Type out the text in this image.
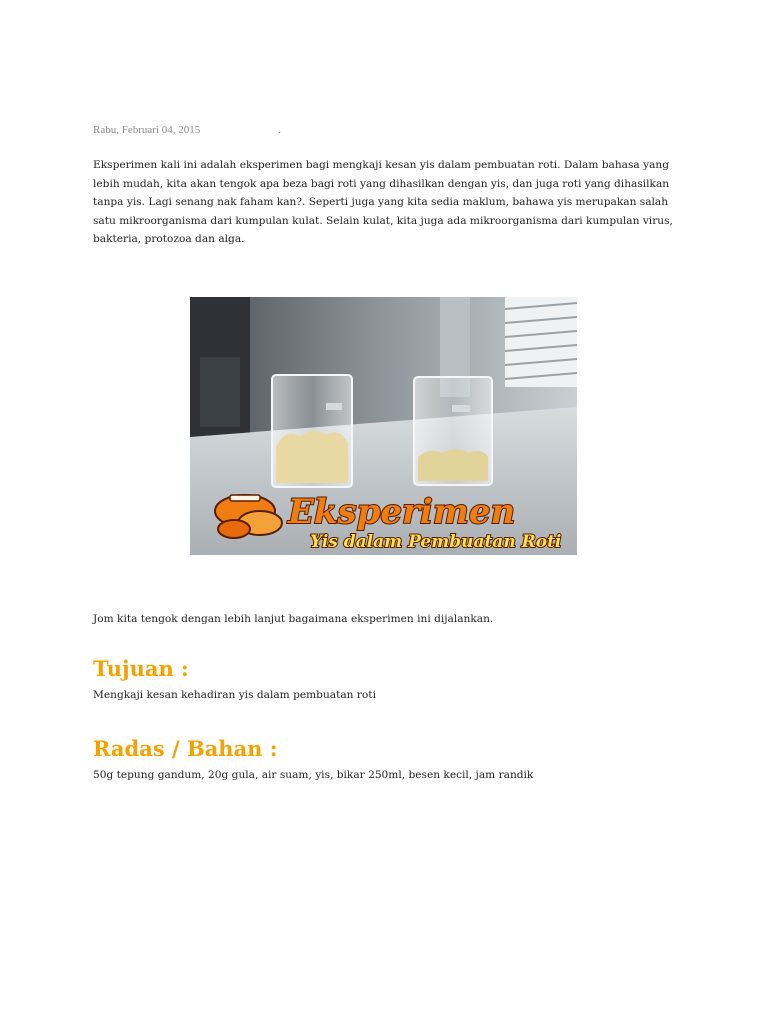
Rabu, Februari 04, 2015	.

Eksperimen kali ini adalah eksperimen bagi mengkaji kesan yis dalam pembuatan roti. Dalam bahasa yang lebih mudah, kita akan tengok apa beza bagi roti yang dihasilkan dengan yis, dan juga roti yang dihasilkan tanpa yis. Lagi senang nak faham kan?. Seperti juga yang kita sedia maklum, bahawa yis merupakan salah satu mikroorganisma dari kumpulan kulat. Selain kulat, kita juga ada mikroorganisma dari kumpulan virus, bakteria, protozoa dan alga.

Eksperimen
Yis dalam Pembuatan Roti

Jom kita tengok dengan lebih lanjut bagaimana eksperimen ini dijalankan.

Tujuan :

Mengkaji kesan kehadiran yis dalam pembuatan roti

Radas / Bahan :

50g tepung gandum, 20g gula, air suam, yis, bikar 250ml, besen kecil, jam randik
